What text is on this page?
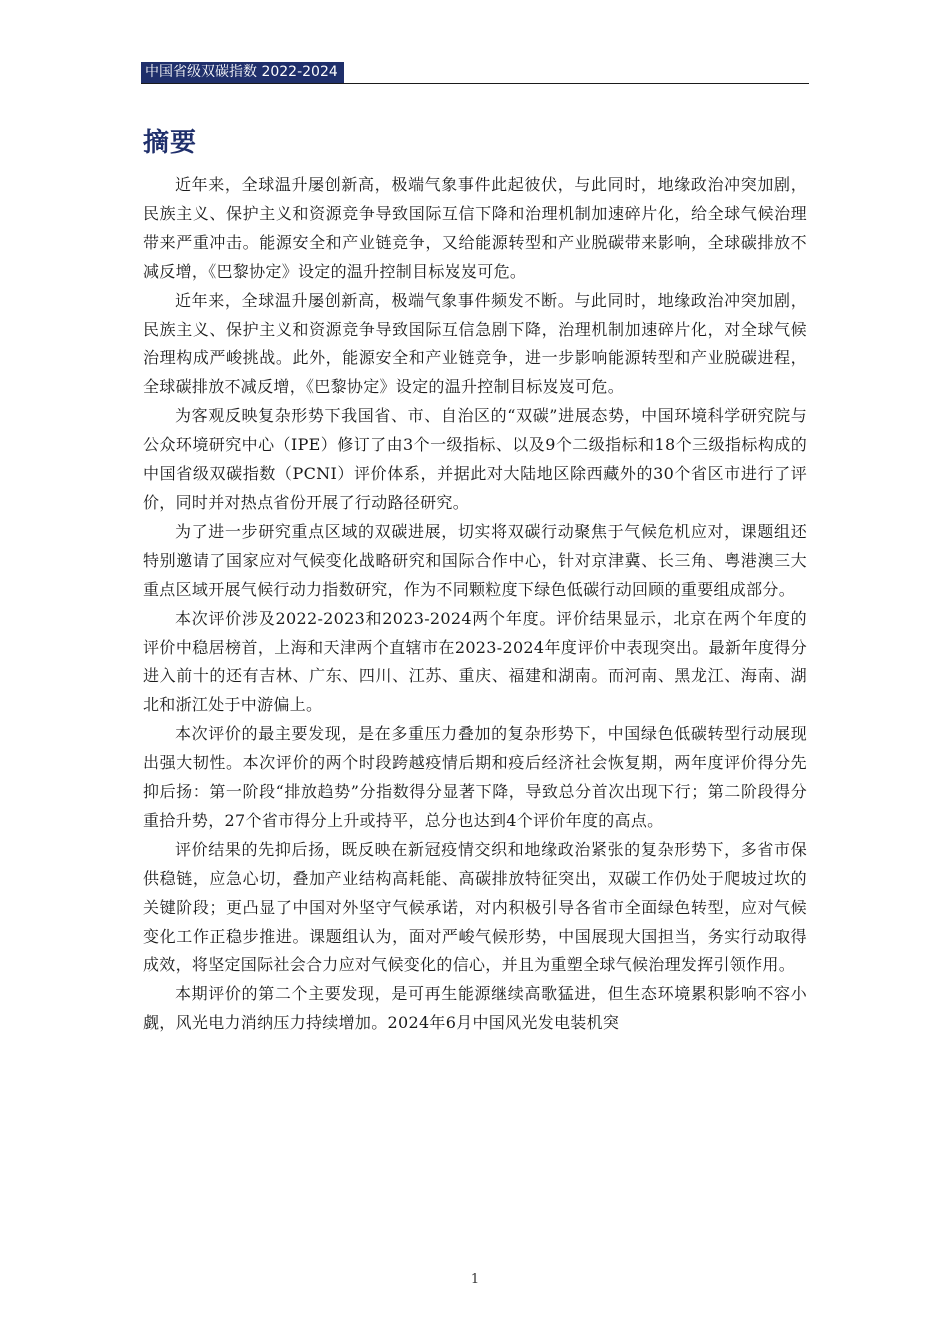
中国省级双碳指数 2022-2024
摘要

近年来，全球温升屡创新高，极端气象事件此起彼伏，与此同时，地缘政治冲突加剧，民族主义、保护主义和资源竞争导致国际互信下降和治理机制加速碎片化，给全球气候治理带来严重冲击。能源安全和产业链竞争，又给能源转型和产业脱碳带来影响，全球碳排放不减反增，《巴黎协定》设定的温升控制目标岌岌可危。

近年来，全球温升屡创新高，极端气象事件频发不断。与此同时，地缘政治冲突加剧，民族主义、保护主义和资源竞争导致国际互信急剧下降，治理机制加速碎片化，对全球气候治理构成严峻挑战。此外，能源安全和产业链竞争，进一步影响能源转型和产业脱碳进程，全球碳排放不减反增，《巴黎协定》设定的温升控制目标岌岌可危。

为客观反映复杂形势下我国省、市、自治区的“双碳”进展态势，中国环境科学研究院与公众环境研究中心（IPE）修订了由3个一级指标、以及9个二级指标和18个三级指标构成的中国省级双碳指数（PCNI）评价体系，并据此对大陆地区除西藏外的30个省区市进行了评价，同时并对热点省份开展了行动路径研究。

为了进一步研究重点区域的双碳进展，切实将双碳行动聚焦于气候危机应对，课题组还特别邀请了国家应对气候变化战略研究和国际合作中心，针对京津冀、长三角、粤港澳三大重点区域开展气候行动力指数研究，作为不同颗粒度下绿色低碳行动回顾的重要组成部分。

本次评价涉及2022-2023和2023-2024两个年度。评价结果显示，北京在两个年度的评价中稳居榜首，上海和天津两个直辖市在2023-2024年度评价中表现突出。最新年度得分进入前十的还有吉林、广东、四川、江苏、重庆、福建和湖南。而河南、黑龙江、海南、湖北和浙江处于中游偏上。

本次评价的最主要发现，是在多重压力叠加的复杂形势下，中国绿色低碳转型行动展现出强大韧性。本次评价的两个时段跨越疫情后期和疫后经济社会恢复期，两年度评价得分先抑后扬：第一阶段“排放趋势”分指数得分显著下降，导致总分首次出现下行；第二阶段得分重拾升势，27个省市得分上升或持平，总分也达到4个评价年度的高点。

评价结果的先抑后扬，既反映在新冠疫情交织和地缘政治紧张的复杂形势下，多省市保供稳链，应急心切，叠加产业结构高耗能、高碳排放特征突出，双碳工作仍处于爬坡过坎的关键阶段；更凸显了中国对外坚守气候承诺，对内积极引导各省市全面绿色转型，应对气候变化工作正稳步推进。课题组认为，面对严峻气候形势，中国展现大国担当，务实行动取得成效，将坚定国际社会合力应对气候变化的信心，并且为重塑全球气候治理发挥引领作用。

本期评价的第二个主要发现，是可再生能源继续高歌猛进，但生态环境累积影响不容小觑，风光电力消纳压力持续增加。2024年6月中国风光发电装机突

1
